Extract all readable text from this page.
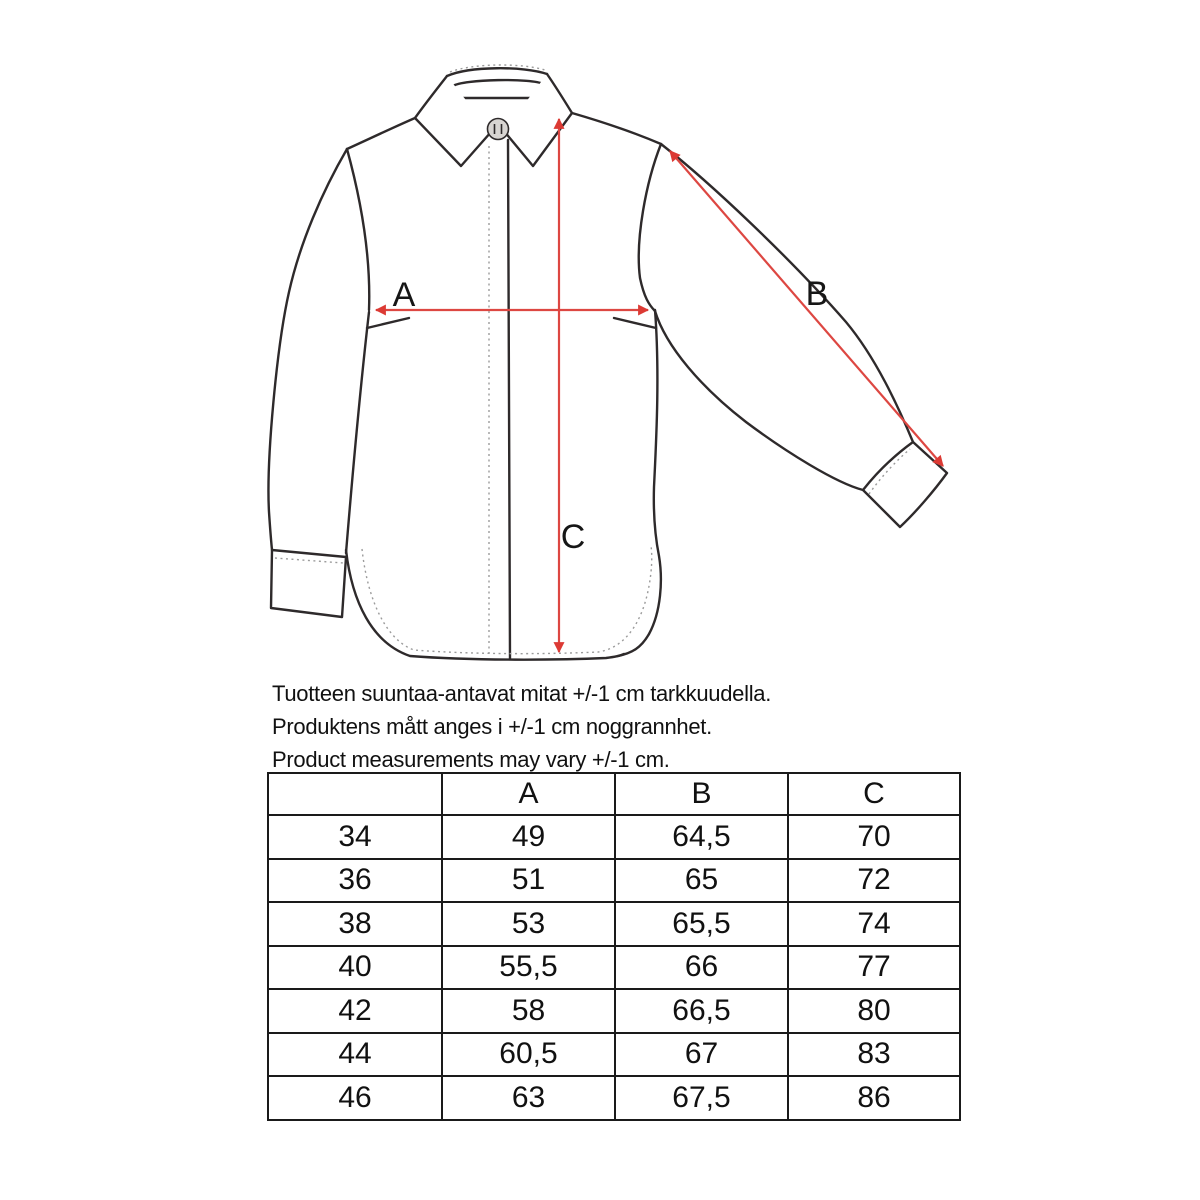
A	B
C
Tuotteen suuntaa-antavat mitat +/-1 cm tarkkuudella.
Produktens mått anges i +/-1 cm noggrannhet.
Product measurements may vary +/-1 cm.
	A	B	C
34	49	64,5	70
36	51	65	72
38	53	65,5	74
40	55,5	66	77
42	58	66,5	80
44	60,5	67	83
46	63	67,5	86
